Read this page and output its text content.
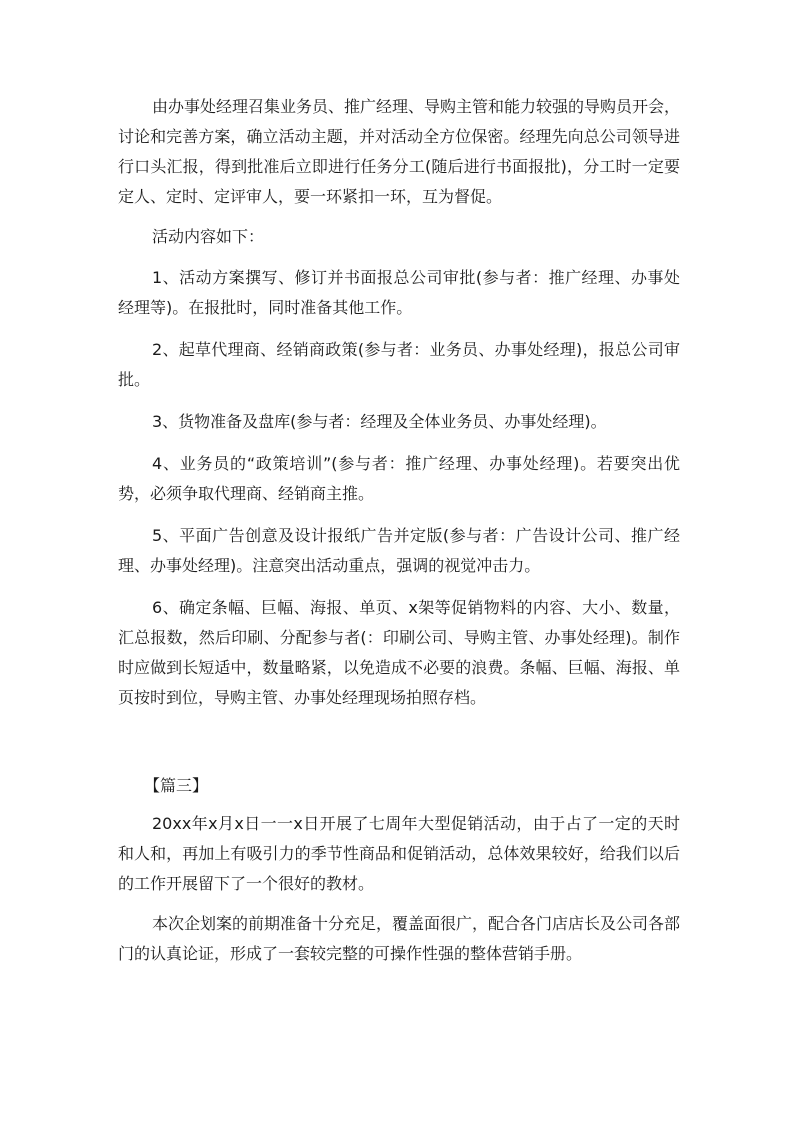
由办事处经理召集业务员、推广经理、导购主管和能力较强的导购员开会，讨论和完善方案，确立活动主题，并对活动全方位保密。经理先向总公司领导进行口头汇报，得到批准后立即进行任务分工(随后进行书面报批)，分工时一定要定人、定时、定评审人，要一环紧扣一环，互为督促。

活动内容如下：

1、活动方案撰写、修订并书面报总公司审批(参与者：推广经理、办事处经理等)。在报批时，同时准备其他工作。

2、起草代理商、经销商政策(参与者：业务员、办事处经理)，报总公司审批。

3、货物准备及盘库(参与者：经理及全体业务员、办事处经理)。

4、业务员的“政策培训”(参与者：推广经理、办事处经理)。若要突出优势，必须争取代理商、经销商主推。

5、平面广告创意及设计报纸广告并定版(参与者：广告设计公司、推广经理、办事处经理)。注意突出活动重点，强调的视觉冲击力。

6、确定条幅、巨幅、海报、单页、x架等促销物料的内容、大小、数量，汇总报数，然后印刷、分配参与者(：印刷公司、导购主管、办事处经理)。制作时应做到长短适中，数量略紧，以免造成不必要的浪费。条幅、巨幅、海报、单页按时到位，导购主管、办事处经理现场拍照存档。

【篇三】

20xx年x月x日一一x日开展了七周年大型促销活动，由于占了一定的天时和人和，再加上有吸引力的季节性商品和促销活动，总体效果较好，给我们以后的工作开展留下了一个很好的教材。

本次企划案的前期准备十分充足，覆盖面很广，配合各门店店长及公司各部门的认真论证，形成了一套较完整的可操作性强的整体营销手册。
